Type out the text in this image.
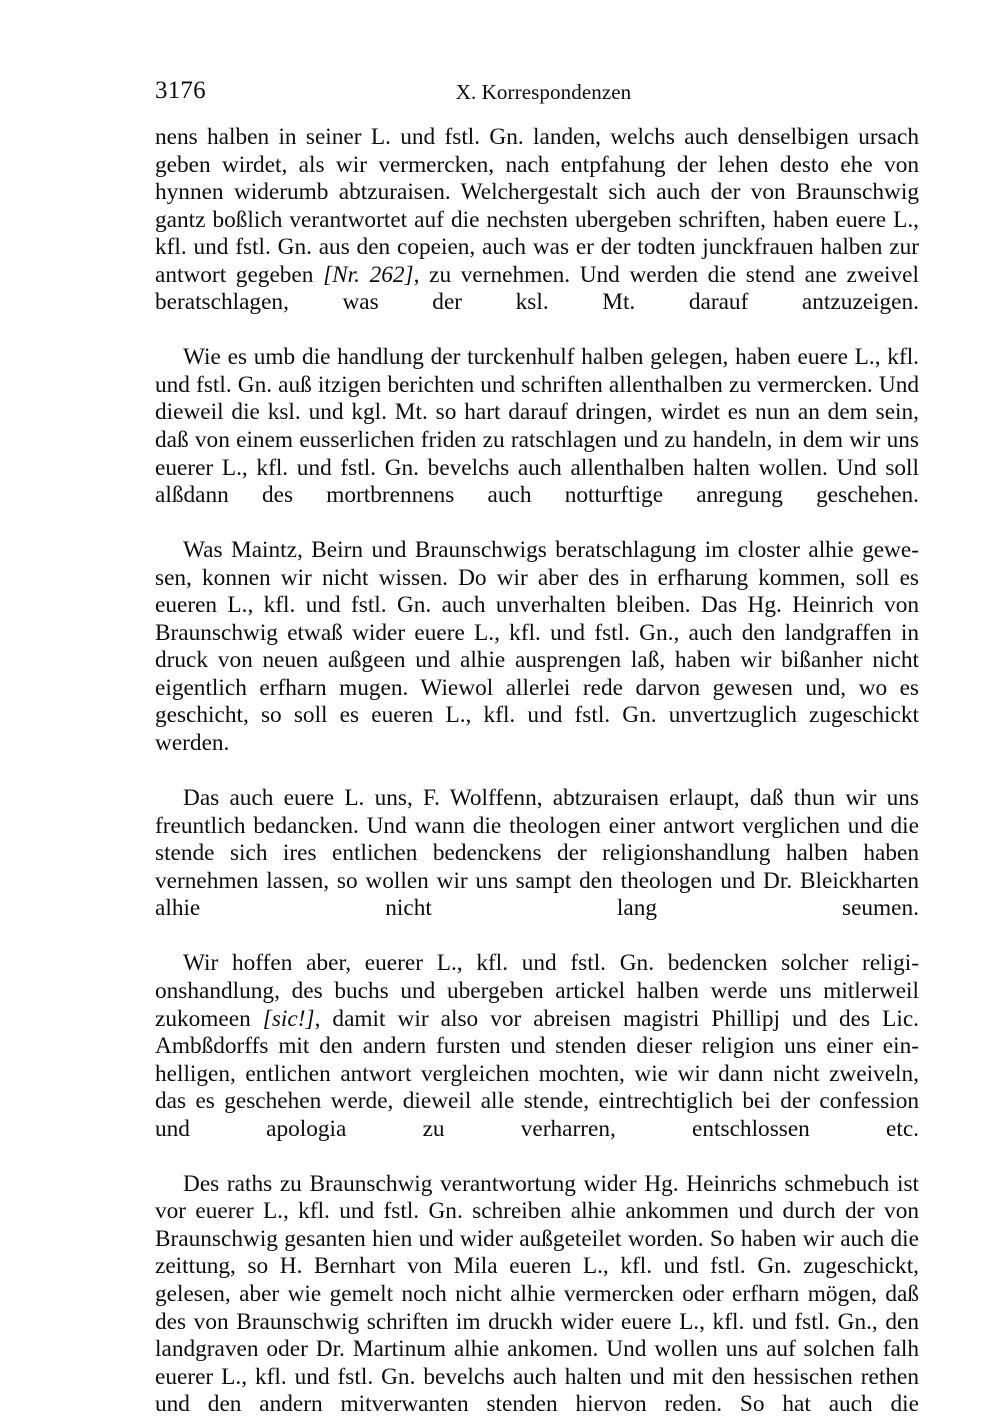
3176	X. Korrespondenzen

nens halben in seiner L. und fstl. Gn. landen, welchs auch denselbigen ursach geben wirdet, als wir vermercken, nach entpfahung der lehen desto ehe von hynnen widerumb abtzuraisen. Welchergestalt sich auch der von Braunschwig gantz boßlich verantwortet auf die nechsten ubergeben schriften, haben euere L., kfl. und fstl. Gn. aus den copeien, auch was er der todten junckfrauen halben zur antwort gegeben [Nr. 262], zu vernehmen. Und werden die stend ane zweivel beratschlagen, was der ksl. Mt. darauf antzuzeigen.

Wie es umb die handlung der turckenhulf halben gelegen, haben euere L., kfl. und fstl. Gn. auß itzigen berichten und schriften allenthalben zu vermercken. Und dieweil die ksl. und kgl. Mt. so hart darauf dringen, wirdet es nun an dem sein, daß von einem eusserlichen friden zu ratschlagen und zu handeln, in dem wir uns euerer L., kfl. und fstl. Gn. bevelchs auch allenthalben halten wollen. Und soll alßdann des mortbrennens auch notturftige anregung geschehen.

Was Maintz, Beirn und Braunschwigs beratschlagung im closter alhie gewesen, konnen wir nicht wissen. Do wir aber des in erfharung kommen, soll es eueren L., kfl. und fstl. Gn. auch unverhalten bleiben. Das Hg. Heinrich von Braunschwig etwaß wider euere L., kfl. und fstl. Gn., auch den landgraffen in druck von neuen außgeen und alhie ausprengen laß, haben wir bißanher nicht eigentlich erfharn mugen. Wiewol allerlei rede darvon gewesen und, wo es geschicht, so soll es eueren L., kfl. und fstl. Gn. unvertzuglich zugeschickt werden.

Das auch euere L. uns, F. Wolffenn, abtzuraisen erlaupt, daß thun wir uns freuntlich bedancken. Und wann die theologen einer antwort verglichen und die stende sich ires entlichen bedenckens der religionshandlung halben haben vernehmen lassen, so wollen wir uns sampt den theologen und Dr. Bleickharten alhie nicht lang seumen.

Wir hoffen aber, euerer L., kfl. und fstl. Gn. bedencken solcher religionshandlung, des buchs und ubergeben artickel halben werde uns mitlerweil zukomeen [sic!], damit wir also vor abreisen magistri Phillipj und des Lic. Ambßdorffs mit den andern fursten und stenden dieser religion uns einer einhelligen, entlichen antwort vergleichen mochten, wie wir dann nicht zweiveln, das es geschehen werde, dieweil alle stende, eintrechtiglich bei der confession und apologia zu verharren, entschlossen etc.

Des raths zu Braunschwig verantwortung wider Hg. Heinrichs schmebuch ist vor euerer L., kfl. und fstl. Gn. schreiben alhie ankommen und durch der von Braunschwig gesanten hien und wider außgeteilet worden. So haben wir auch die zeittung, so H. Bernhart von Mila eueren L., kfl. und fstl. Gn. zugeschickt, gelesen, aber wie gemelt noch nicht alhie vermercken oder erfharn mögen, daß des von Braunschwig schriften im druckh wider euere L., kfl. und fstl. Gn., den landgraven oder Dr. Martinum alhie ankomen. Und wollen uns auf solchen falh euerer L., kfl. und fstl. Gn. bevelchs auch halten und mit den hessischen rethen und den andern mitverwanten stenden hiervon reden. So hat auch die
